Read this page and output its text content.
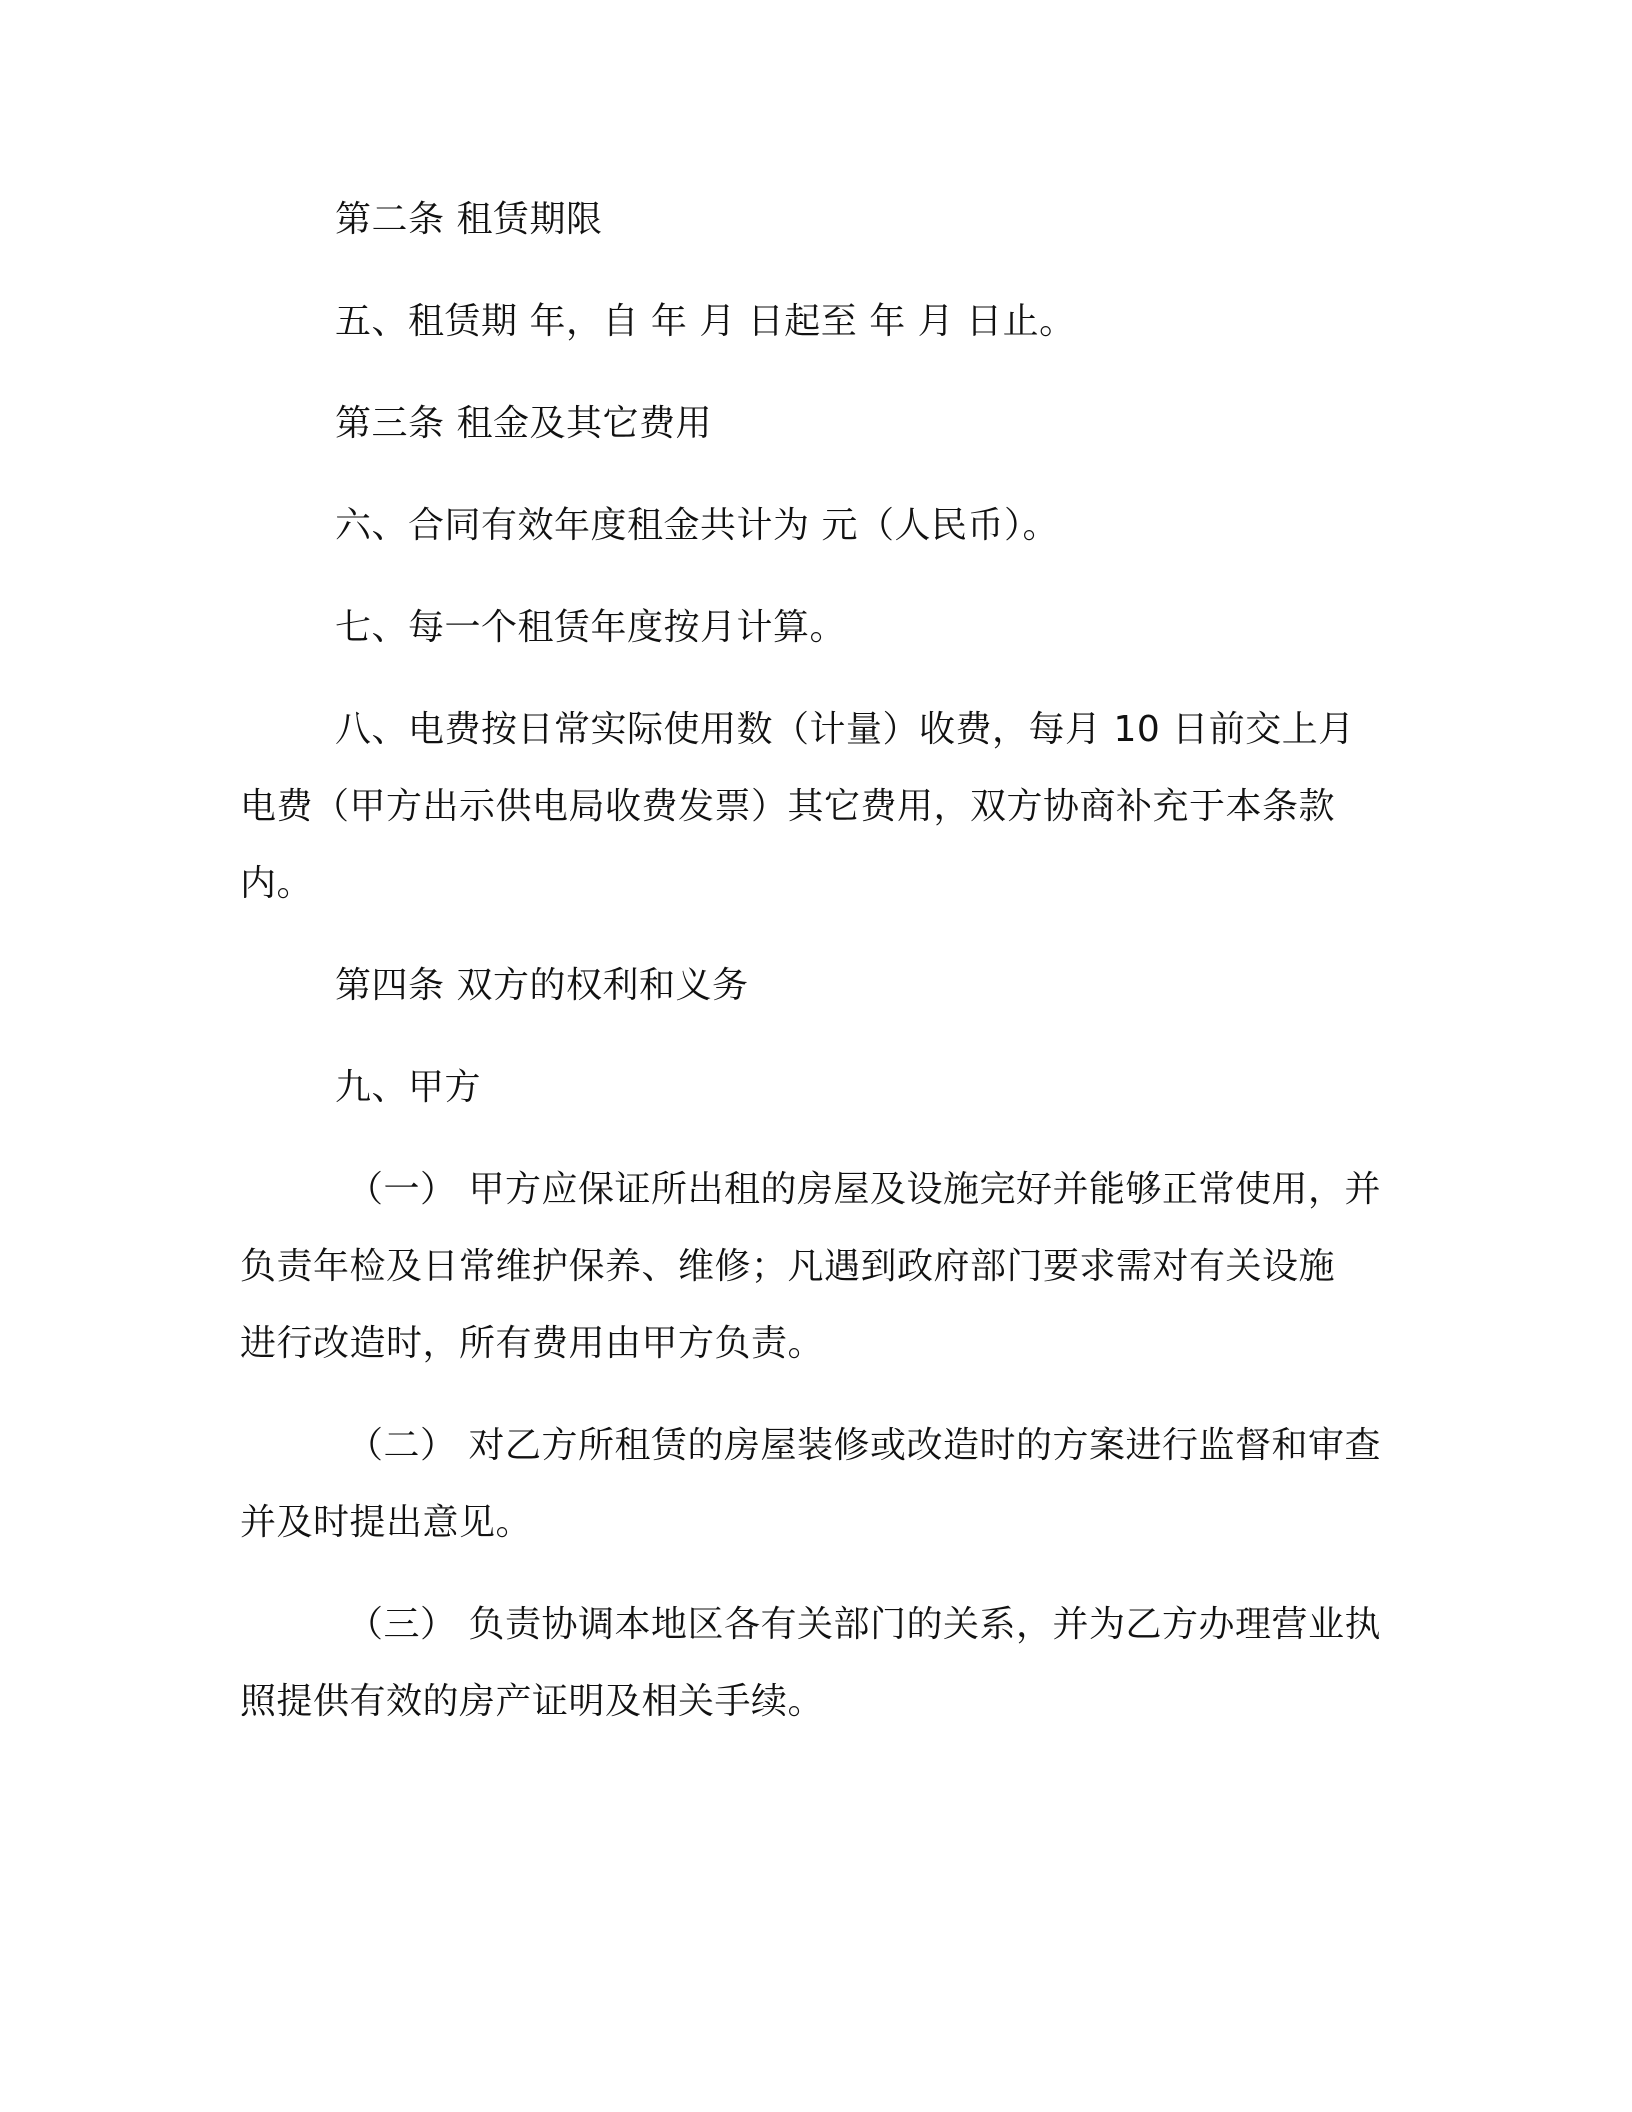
第二条 租赁期限
五、租赁期 年，自 年 月 日起至 年 月 日止。
第三条 租金及其它费用
六、合同有效年度租金共计为 元（人民币）。
七、每一个租赁年度按月计算。
八、电费按日常实际使用数（计量）收费，每月 10 日前交上月
电费（甲方出示供电局收费发票）其它费用，双方协商补充于本条款
内。
第四条 双方的权利和义务
九、甲方
（一） 甲方应保证所出租的房屋及设施完好并能够正常使用，并
负责年检及日常维护保养、维修；凡遇到政府部门要求需对有关设施
进行改造时，所有费用由甲方负责。
（二） 对乙方所租赁的房屋装修或改造时的方案进行监督和审查
并及时提出意见。
（三） 负责协调本地区各有关部门的关系，并为乙方办理营业执
照提供有效的房产证明及相关手续。
